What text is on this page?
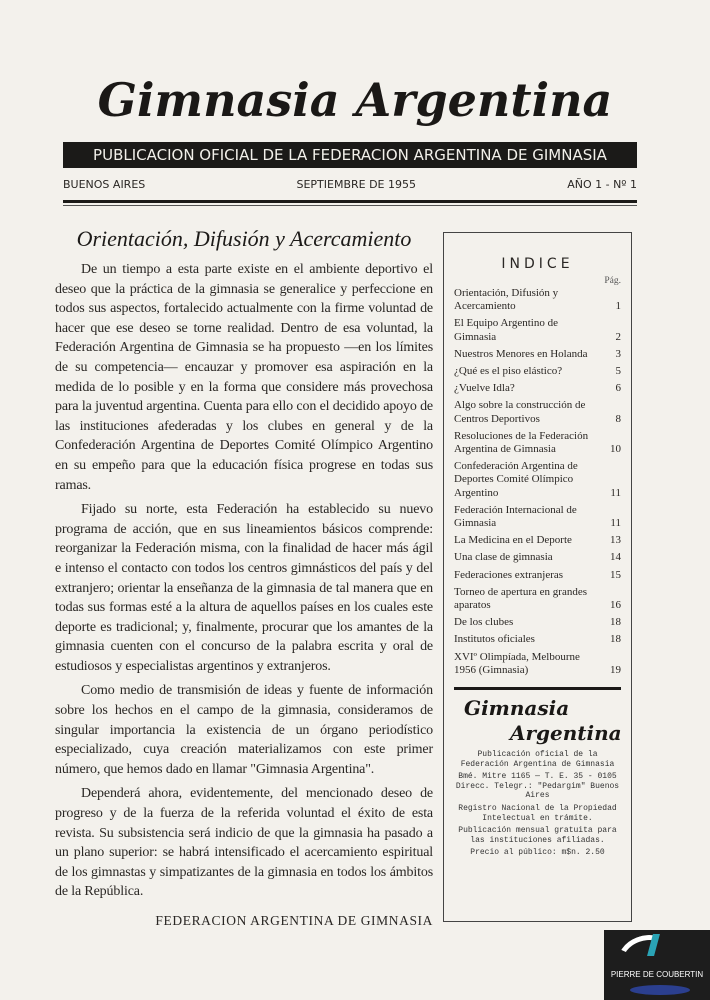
Gimnasia Argentina
PUBLICACION OFICIAL DE LA FEDERACION ARGENTINA DE GIMNASIA
BUENOS AIRES	SEPTIEMBRE DE 1955	AÑO 1 - Nº 1
Orientación, Difusión y Acercamiento

De un tiempo a esta parte existe en el ambiente deportivo el deseo que la práctica de la gimnasia se generalice y perfeccione en todos sus aspectos, fortalecido actualmente con la firme voluntad de hacer que ese deseo se torne realidad. Dentro de esa voluntad, la Federación Argentina de Gimnasia se ha propuesto —en los límites de su competencia— encauzar y promover esa aspiración en la medida de lo posible y en la forma que considere más provechosa para la juventud argentina. Cuenta para ello con el decidido apoyo de las instituciones afederadas y los clubes en general y de la Confederación Argentina de Deportes Comité Olímpico Argentino en su empeño para que la educación física progrese en todas sus ramas.

Fijado su norte, esta Federación ha establecido su nuevo programa de acción, que en sus lineamientos básicos comprende: reorganizar la Federación misma, con la finalidad de hacer más ágil e intenso el contacto con todos los centros gimnásticos del país y del extranjero; orientar la enseñanza de la gimnasia de tal manera que en todas sus formas esté a la altura de aquellos países en los cuales este deporte es tradicional; y, finalmente, procurar que los amantes de la gimnasia cuenten con el concurso de la palabra escrita y oral de estudiosos y especialistas argentinos y extranjeros.

Como medio de transmisión de ideas y fuente de información sobre los hechos en el campo de la gimnasia, consideramos de singular importancia la existencia de un órgano periodístico especializado, cuya creación materializamos con este primer número, que hemos dado en llamar "Gimnasia Argentina".

Dependerá ahora, evidentemente, del mencionado deseo de progreso y de la fuerza de la referida voluntad el éxito de esta revista. Su subsistencia será indicio de que la gimnasia ha pasado a un plano superior: se habrá intensificado el acercamiento espiritual de los gimnastas y simpatizantes de la gimnasia en todos los ámbitos de la República.

FEDERACION ARGENTINA DE GIMNASIA
INDICE
Pág.
Orientación, Difusión y Acercamiento	1
El Equipo Argentino de Gimnasia	2
Nuestros Menores en Holanda	3
¿Qué es el piso elástico?	5
¿Vuelve Idla?	6
Algo sobre la construcción de Centros Deportivos	8
Resoluciones de la Federación Argentina de Gimnasia	10
Confederación Argentina de Deportes Comité Olímpico Argentino	11
Federación Internacional de Gimnasia	11
La Medicina en el Deporte	13
Una clase de gimnasia	14
Federaciones extranjeras	15
Torneo de apertura en grandes aparatos	16
De los clubes	18
Institutos oficiales	18
XVIº Olimpíada, Melbourne 1956 (Gimnasia)	19
Gimnasia
Argentina
Publicación oficial de la Federación Argentina de Gimnasia
Bmé. Mitre 1165 — T. E. 35 - 0105 Direcc. Telegr.: "Pedargim" Buenos Aires
Registro Nacional de la Propiedad Intelectual en trámite.
Publicación mensual gratuita para las instituciones afiliadas.
Precio al público: m$n. 2.50
PIERRE DE COUBERTIN
